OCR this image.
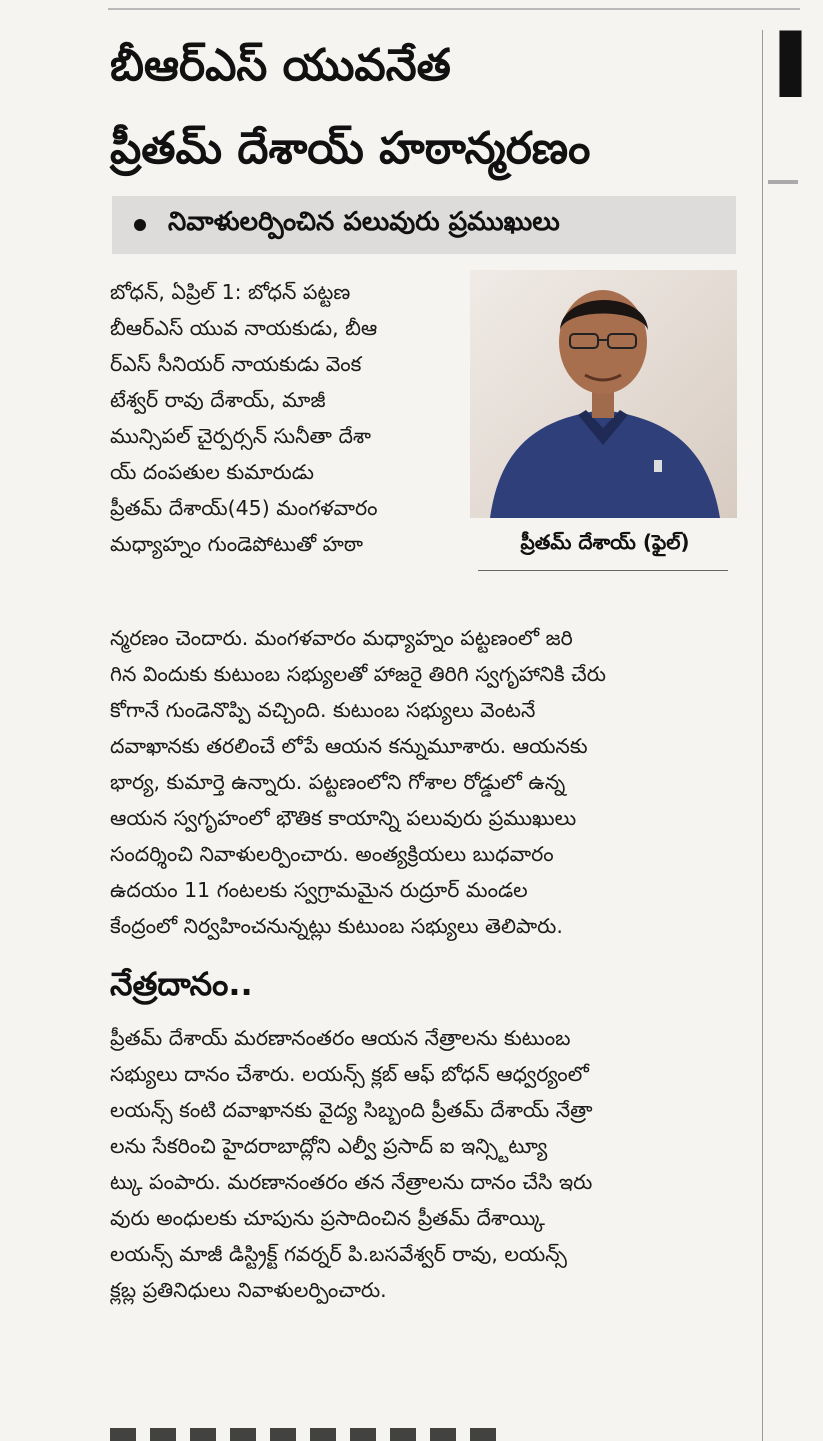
బీఆర్ఎస్ యువనేత
ప్రీతమ్ దేశాయ్ హఠాన్మరణం
నివాళులర్పించిన పలువురు ప్రముఖులు

బోధన్, ఏప్రిల్ 1: బోధన్ పట్టణ
బీఆర్ఎస్ యువ నాయకుడు, బీఆ
ర్ఎస్ సీనియర్ నాయకుడు వెంక
టేశ్వర్ రావు దేశాయ్, మాజీ
మున్సిపల్ చైర్పర్సన్ సునీతా దేశా
య్ దంపతుల కుమారుడు
ప్రీతమ్ దేశాయ్(45) మంగళవారం
మధ్యాహ్నం గుండెపోటుతో హఠా	ప్రీతమ్ దేశాయ్ (ఫైల్)

న్మరణం చెందారు. మంగళవారం మధ్యాహ్నం పట్టణంలో జరి
గిన విందుకు కుటుంబ సభ్యులతో హాజరై తిరిగి స్వగృహానికి చేరు
కోగానే గుండెనొప్పి వచ్చింది. కుటుంబ సభ్యులు వెంటనే
దవాఖానకు తరలించే లోపే ఆయన కన్నుమూశారు. ఆయనకు
భార్య, కుమార్తె ఉన్నారు. పట్టణంలోని గోశాల రోడ్డులో ఉన్న
ఆయన స్వగృహంలో భౌతిక కాయాన్ని పలువురు ప్రముఖులు
సందర్శించి నివాళులర్పించారు. అంత్యక్రియలు బుధవారం
ఉదయం 11 గంటలకు స్వగ్రామమైన రుద్రూర్ మండల
కేంద్రంలో నిర్వహించనున్నట్లు కుటుంబ సభ్యులు తెలిపారు.

నేత్రదానం..

ప్రీతమ్ దేశాయ్ మరణానంతరం ఆయన నేత్రాలను కుటుంబ
సభ్యులు దానం చేశారు. లయన్స్ క్లబ్ ఆఫ్ బోధన్ ఆధ్వర్యంలో
లయన్స్ కంటి దవాఖానకు వైద్య సిబ్బంది ప్రీతమ్ దేశాయ్ నేత్రా
లను సేకరించి హైదరాబాద్లోని ఎల్వీ ప్రసాద్ ఐ ఇన్స్టిట్యూ
ట్కు పంపారు. మరణానంతరం తన నేత్రాలను దానం చేసి ఇరు
వురు అంధులకు చూపును ప్రసాదించిన ప్రీతమ్ దేశాయ్కి
లయన్స్ మాజీ డిస్ట్రిక్ట్ గవర్నర్ పి.బసవేశ్వర్ రావు, లయన్స్
క్లబ్ల ప్రతినిధులు నివాళులర్పించారు.

▌
